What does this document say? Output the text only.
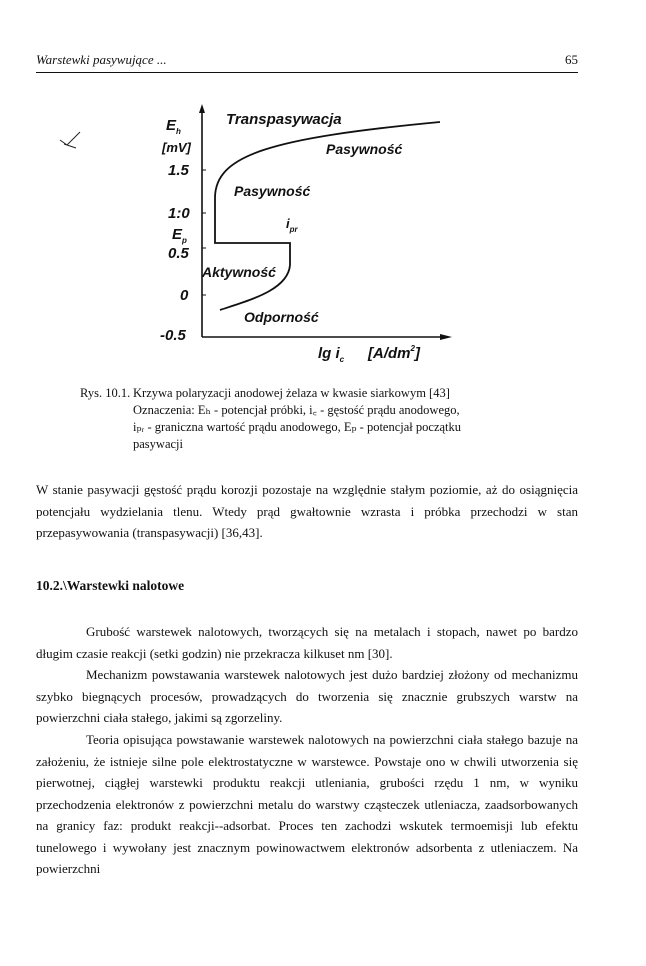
Warstewki pasywujące ...	65
$E_h$
[mV]
1.5
1:0
$E_p$
0.5
0
-0.5
Transpasywacja
Pasywność
Pasywność
$i_{pr}$
Aktywność
Odporność
$\lg i_c$ $[A/dm^2]$
Rys. 10.1. Krzywa polaryzacji anodowej żelaza w kwasie siarkowym [43]
Oznaczenia: Eₕ - potencjał próbki, i꜀ - gęstość prądu anodowego,
iₚᵣ - graniczna wartość prądu anodowego, Eₚ - potencjał początku
pasywacji

W stanie pasywacji gęstość prądu korozji pozostaje na względnie stałym poziomie, aż do osiągnięcia potencjału wydzielania tlenu. Wtedy prąd gwałtownie wzrasta i próbka przechodzi w stan przepasywowania (transpasywacji) [36,43].

10.2.\Warstewki nalotowe

Grubość warstewek nalotowych, tworzących się na metalach i stopach, nawet po bardzo długim czasie reakcji (setki godzin) nie przekracza kilkuset nm [30].

Mechanizm powstawania warstewek nalotowych jest dużo bardziej złożony od mechanizmu szybko biegnących procesów, prowadzących do tworzenia się znacznie grubszych warstw na powierzchni ciała stałego, jakimi są zgorzeliny.

Teoria opisująca powstawanie warstewek nalotowych na powierzchni ciała stałego bazuje na założeniu, że istnieje silne pole elektrostatyczne w warstewce. Powstaje ono w chwili utworzenia się pierwotnej, ciągłej warstewki produktu reakcji utleniania, grubości rzędu 1 nm, w wyniku przechodzenia elektronów z powierzchni metalu do warstwy cząsteczek utleniacza, zaadsorbowanych na granicy faz: produkt reakcji--adsorbat. Proces ten zachodzi wskutek termoemisji lub efektu tunelowego i wywołany jest znacznym powinowactwem elektronów adsorbenta z utleniaczem. Na powierzchni
